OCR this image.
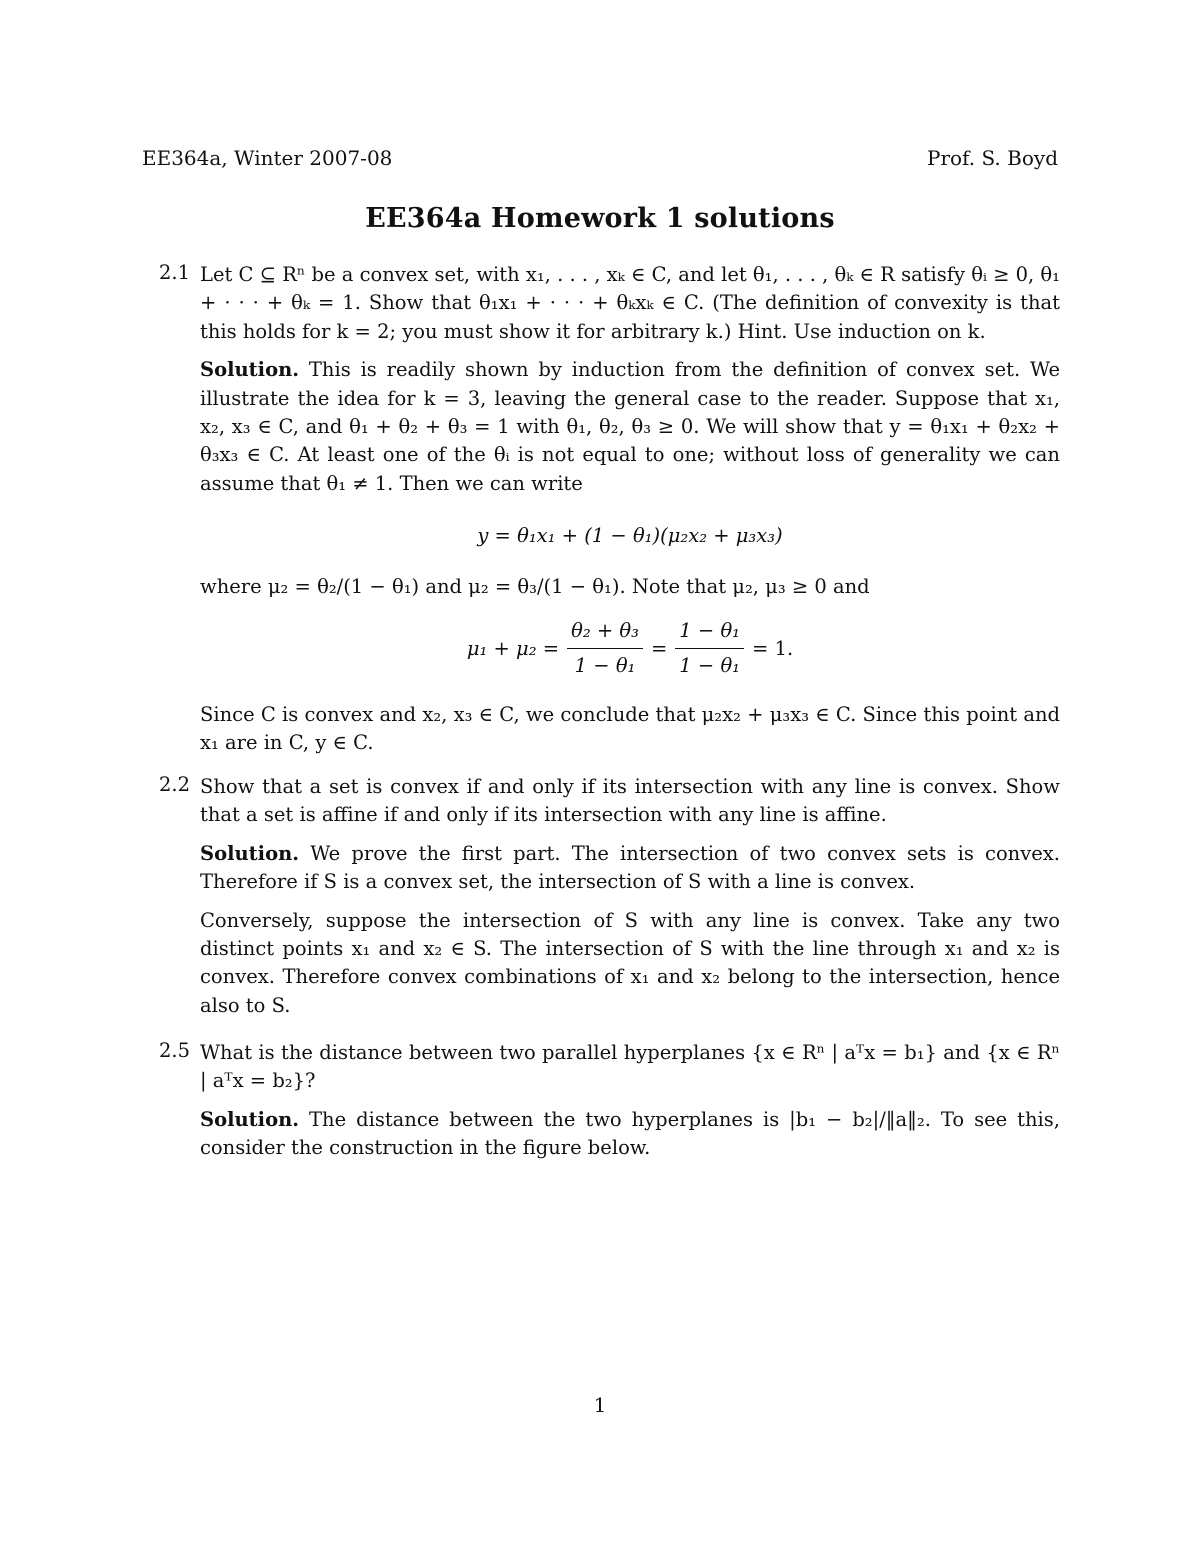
EE364a, Winter 2007-08	Prof. S. Boyd
EE364a Homework 1 solutions
2.1 Let C ⊆ Rⁿ be a convex set, with x₁, . . . , xₖ ∈ C, and let θ₁, . . . , θₖ ∈ R satisfy θᵢ ≥ 0, θ₁ + · · · + θₖ = 1. Show that θ₁x₁ + · · · + θₖxₖ ∈ C. (The definition of convexity is that this holds for k = 2; you must show it for arbitrary k.) Hint. Use induction on k.

Solution. This is readily shown by induction from the definition of convex set. We illustrate the idea for k = 3, leaving the general case to the reader. Suppose that x₁, x₂, x₃ ∈ C, and θ₁ + θ₂ + θ₃ = 1 with θ₁, θ₂, θ₃ ≥ 0. We will show that y = θ₁x₁ + θ₂x₂ + θ₃x₃ ∈ C. At least one of the θᵢ is not equal to one; without loss of generality we can assume that θ₁ ≠ 1. Then we can write

y = θ₁x₁ + (1 − θ₁)(μ₂x₂ + μ₃x₃)

where μ₂ = θ₂/(1 − θ₁) and μ₂ = θ₃/(1 − θ₁). Note that μ₂, μ₃ ≥ 0 and

$\mu_1 + \mu_2 = \frac{\text{θ₂ + θ₃}}{\text{1 − θ₁}} = \frac{\text{1 − θ₁}}{\text{1 − θ₁}} = 1$.

Since C is convex and x₂, x₃ ∈ C, we conclude that μ₂x₂ + μ₃x₃ ∈ C. Since this point and x₁ are in C, y ∈ C.

2.2 Show that a set is convex if and only if its intersection with any line is convex. Show that a set is affine if and only if its intersection with any line is affine.

Solution. We prove the first part. The intersection of two convex sets is convex. Therefore if S is a convex set, the intersection of S with a line is convex.

Conversely, suppose the intersection of S with any line is convex. Take any two distinct points x₁ and x₂ ∈ S. The intersection of S with the line through x₁ and x₂ is convex. Therefore convex combinations of x₁ and x₂ belong to the intersection, hence also to S.

2.5 What is the distance between two parallel hyperplanes {x ∈ Rⁿ | aᵀx = b₁} and {x ∈ Rⁿ | aᵀx = b₂}?

Solution. The distance between the two hyperplanes is |b₁ − b₂|/‖a‖₂. To see this, consider the construction in the figure below.

1
